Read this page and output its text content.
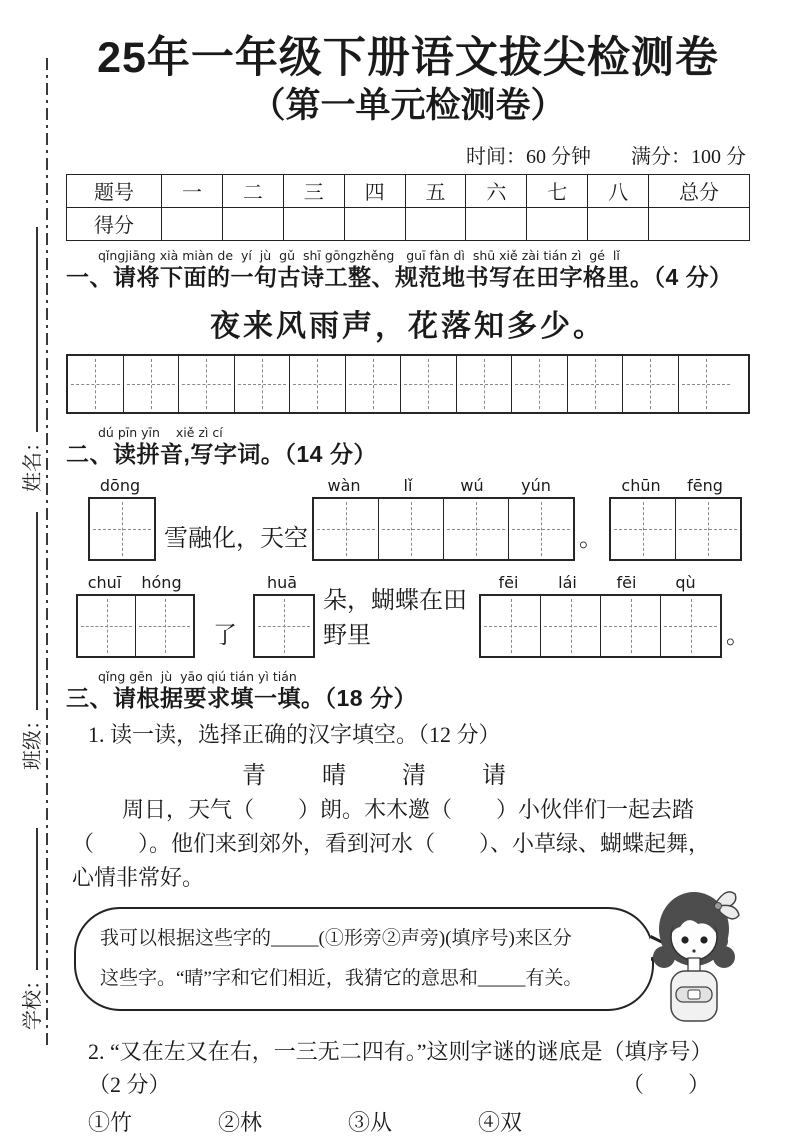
学校：
班级：
姓名：
25年一年级下册语文拔尖检测卷
（第一单元检测卷）
时间：60 分钟　　满分：100 分
题号	一	二	三	四	五	六	七	八	总分
得分									
qǐngjiāng xià miàn de  yí  jù  gǔ  shī gōngzhěng   guī fàn dì  shū xiě zài tián zì  gé  lǐ
一、请将下面的一句古诗工整、规范地书写在田字格里。（4 分）
夜来风雨声，花落知多少。
dú pīn yīn    xiě zì cí
二、读拼音,写字词。（14 分）
dōng
雪融化，天空
wàn	lǐ	wú	yún
。
chūn	fēng
chuī	hóng
了
huā
朵，蝴蝶在田野里
fēi	lái	fēi	qù
。
qǐng gēn  jù  yāo qiú tián yì tián
三、请根据要求填一填。（18 分）
1. 读一读，选择正确的汉字填空。（12 分）
青 晴 清 请
周日，天气（　　）朗。木木邀（　　）小伙伴们一起去踏
（　　）。他们来到郊外，看到河水（　　）、小草绿、蝴蝶起舞，
心情非常好。
我可以根据这些字的_____(①形旁②声旁)(填序号)来区分
这些字。“晴”字和它们相近，我猜它的意思和_____有关。
2. “又在左又在右，一三无二四有。”这则字谜的谜底是（填序号）
（2 分）	（　　）
①竹	②林	③从	④双
